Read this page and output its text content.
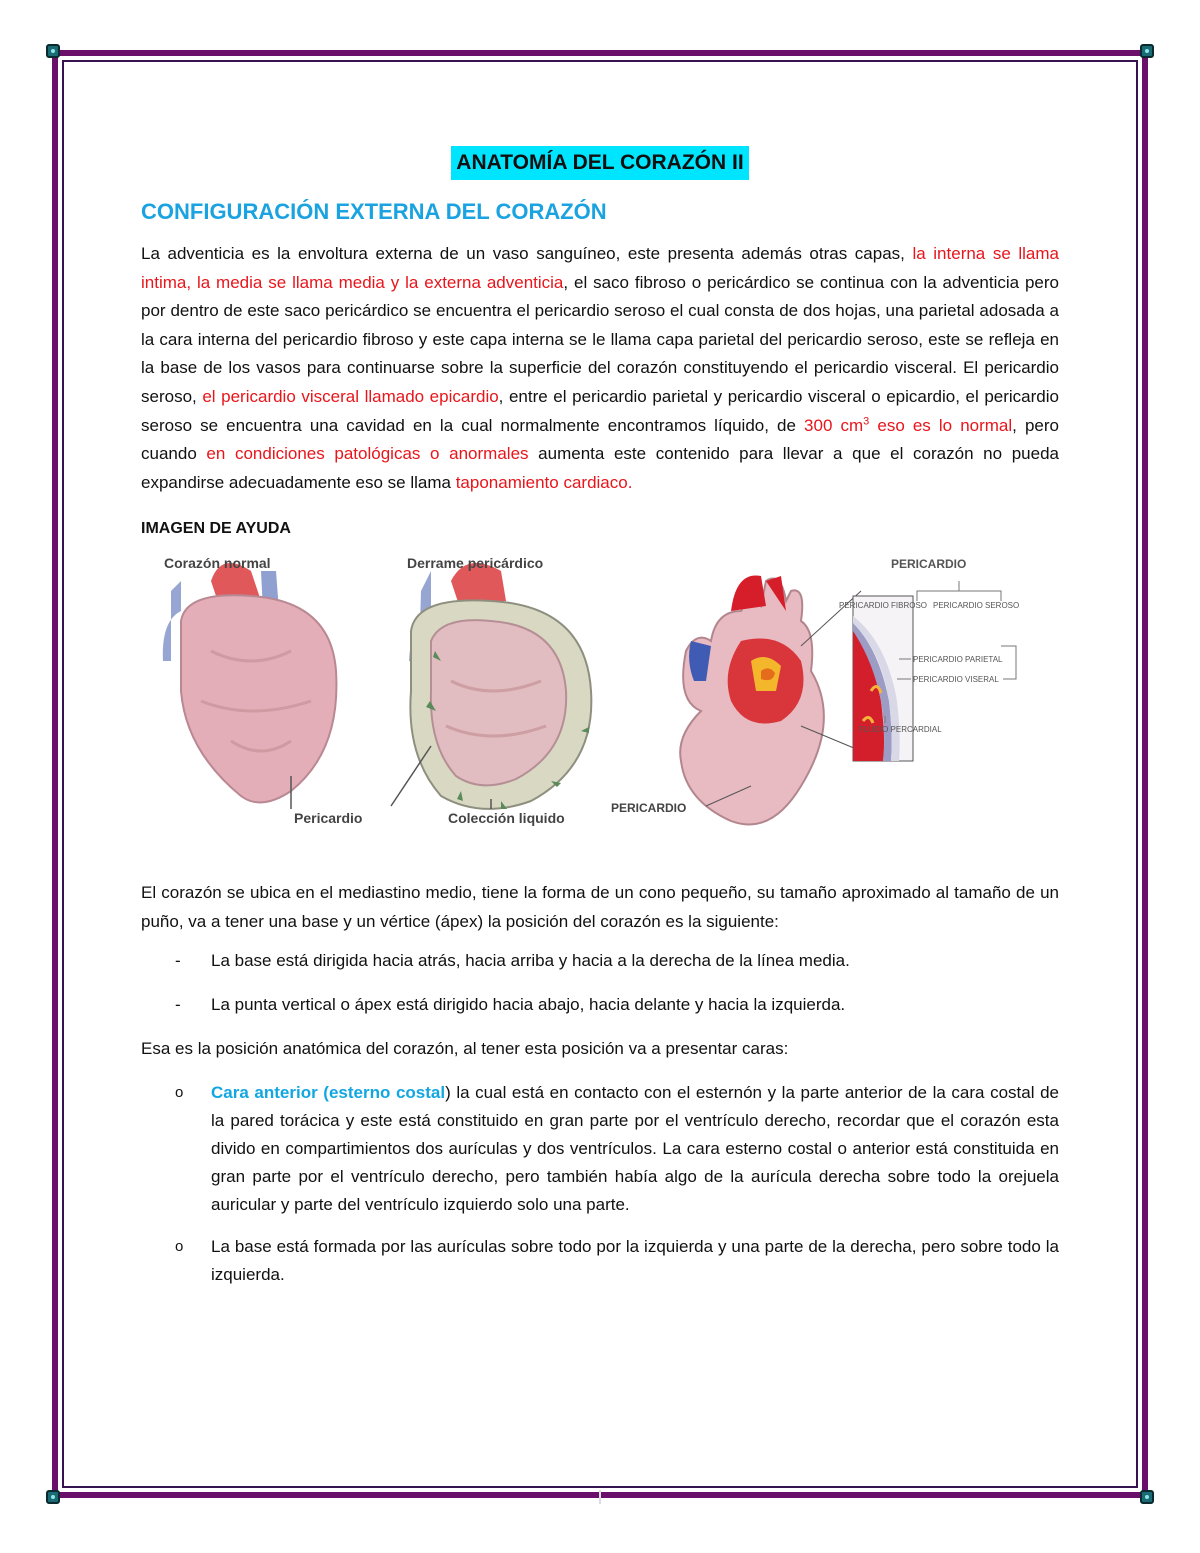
ANATOMÍA DEL CORAZÓN II
CONFIGURACIÓN EXTERNA DEL CORAZÓN

La adventicia es la envoltura externa de un vaso sanguíneo, este presenta además otras capas, la interna se llama intima, la media se llama media y la externa adventicia, el saco fibroso o pericárdico se continua con la adventicia pero por dentro de este saco pericárdico se encuentra el pericardio seroso el cual consta de dos hojas, una parietal adosada a la cara interna del pericardio fibroso y este capa interna se le llama capa parietal del pericardio seroso, este se refleja en la base de los vasos para continuarse sobre la superficie del corazón constituyendo el pericardio visceral. El pericardio seroso, el pericardio visceral llamado epicardio, entre el pericardio parietal y pericardio visceral o epicardio, el pericardio seroso se encuentra una cavidad en la cual normalmente encontramos líquido, de 300 $cm^3$ eso es lo normal, pero cuando en condiciones patológicas o anormales aumenta este contenido para llevar a que el corazón no pueda expandirse adecuadamente eso se llama taponamiento cardiaco.

IMAGEN DE AYUDA
Corazón normal	Derrame pericárdico
Pericardio	Colección liquido
PERICARDIO
PERICARDIO FIBROSO PERICARDIO SEROSO
PERICARDIO PARIETAL
PERICARDIO VISERAL
FLUIDO PERCARDIAL
PERICARDIO

El corazón se ubica en el mediastino medio, tiene la forma de un cono pequeño, su tamaño aproximado al tamaño de un puño, va a tener una base y un vértice (ápex) la posición del corazón es la siguiente:

- La base está dirigida hacia atrás, hacia arriba y hacia a la derecha de la línea media.
- La punta vertical o ápex está dirigido hacia abajo, hacia delante y hacia la izquierda.

Esa es la posición anatómica del corazón, al tener esta posición va a presentar caras:

o Cara anterior (esterno costal) la cual está en contacto con el esternón y la parte anterior de la cara costal de la pared torácica y este está constituido en gran parte por el ventrículo derecho, recordar que el corazón esta divido en compartimientos dos aurículas y dos ventrículos. La cara esterno costal o anterior está constituida en gran parte por el ventrículo derecho, pero también había algo de la aurícula derecha sobre todo la orejuela auricular y parte del ventrículo izquierdo solo una parte.
o La base está formada por las aurículas sobre todo por la izquierda y una parte de la derecha, pero sobre todo la izquierda.
